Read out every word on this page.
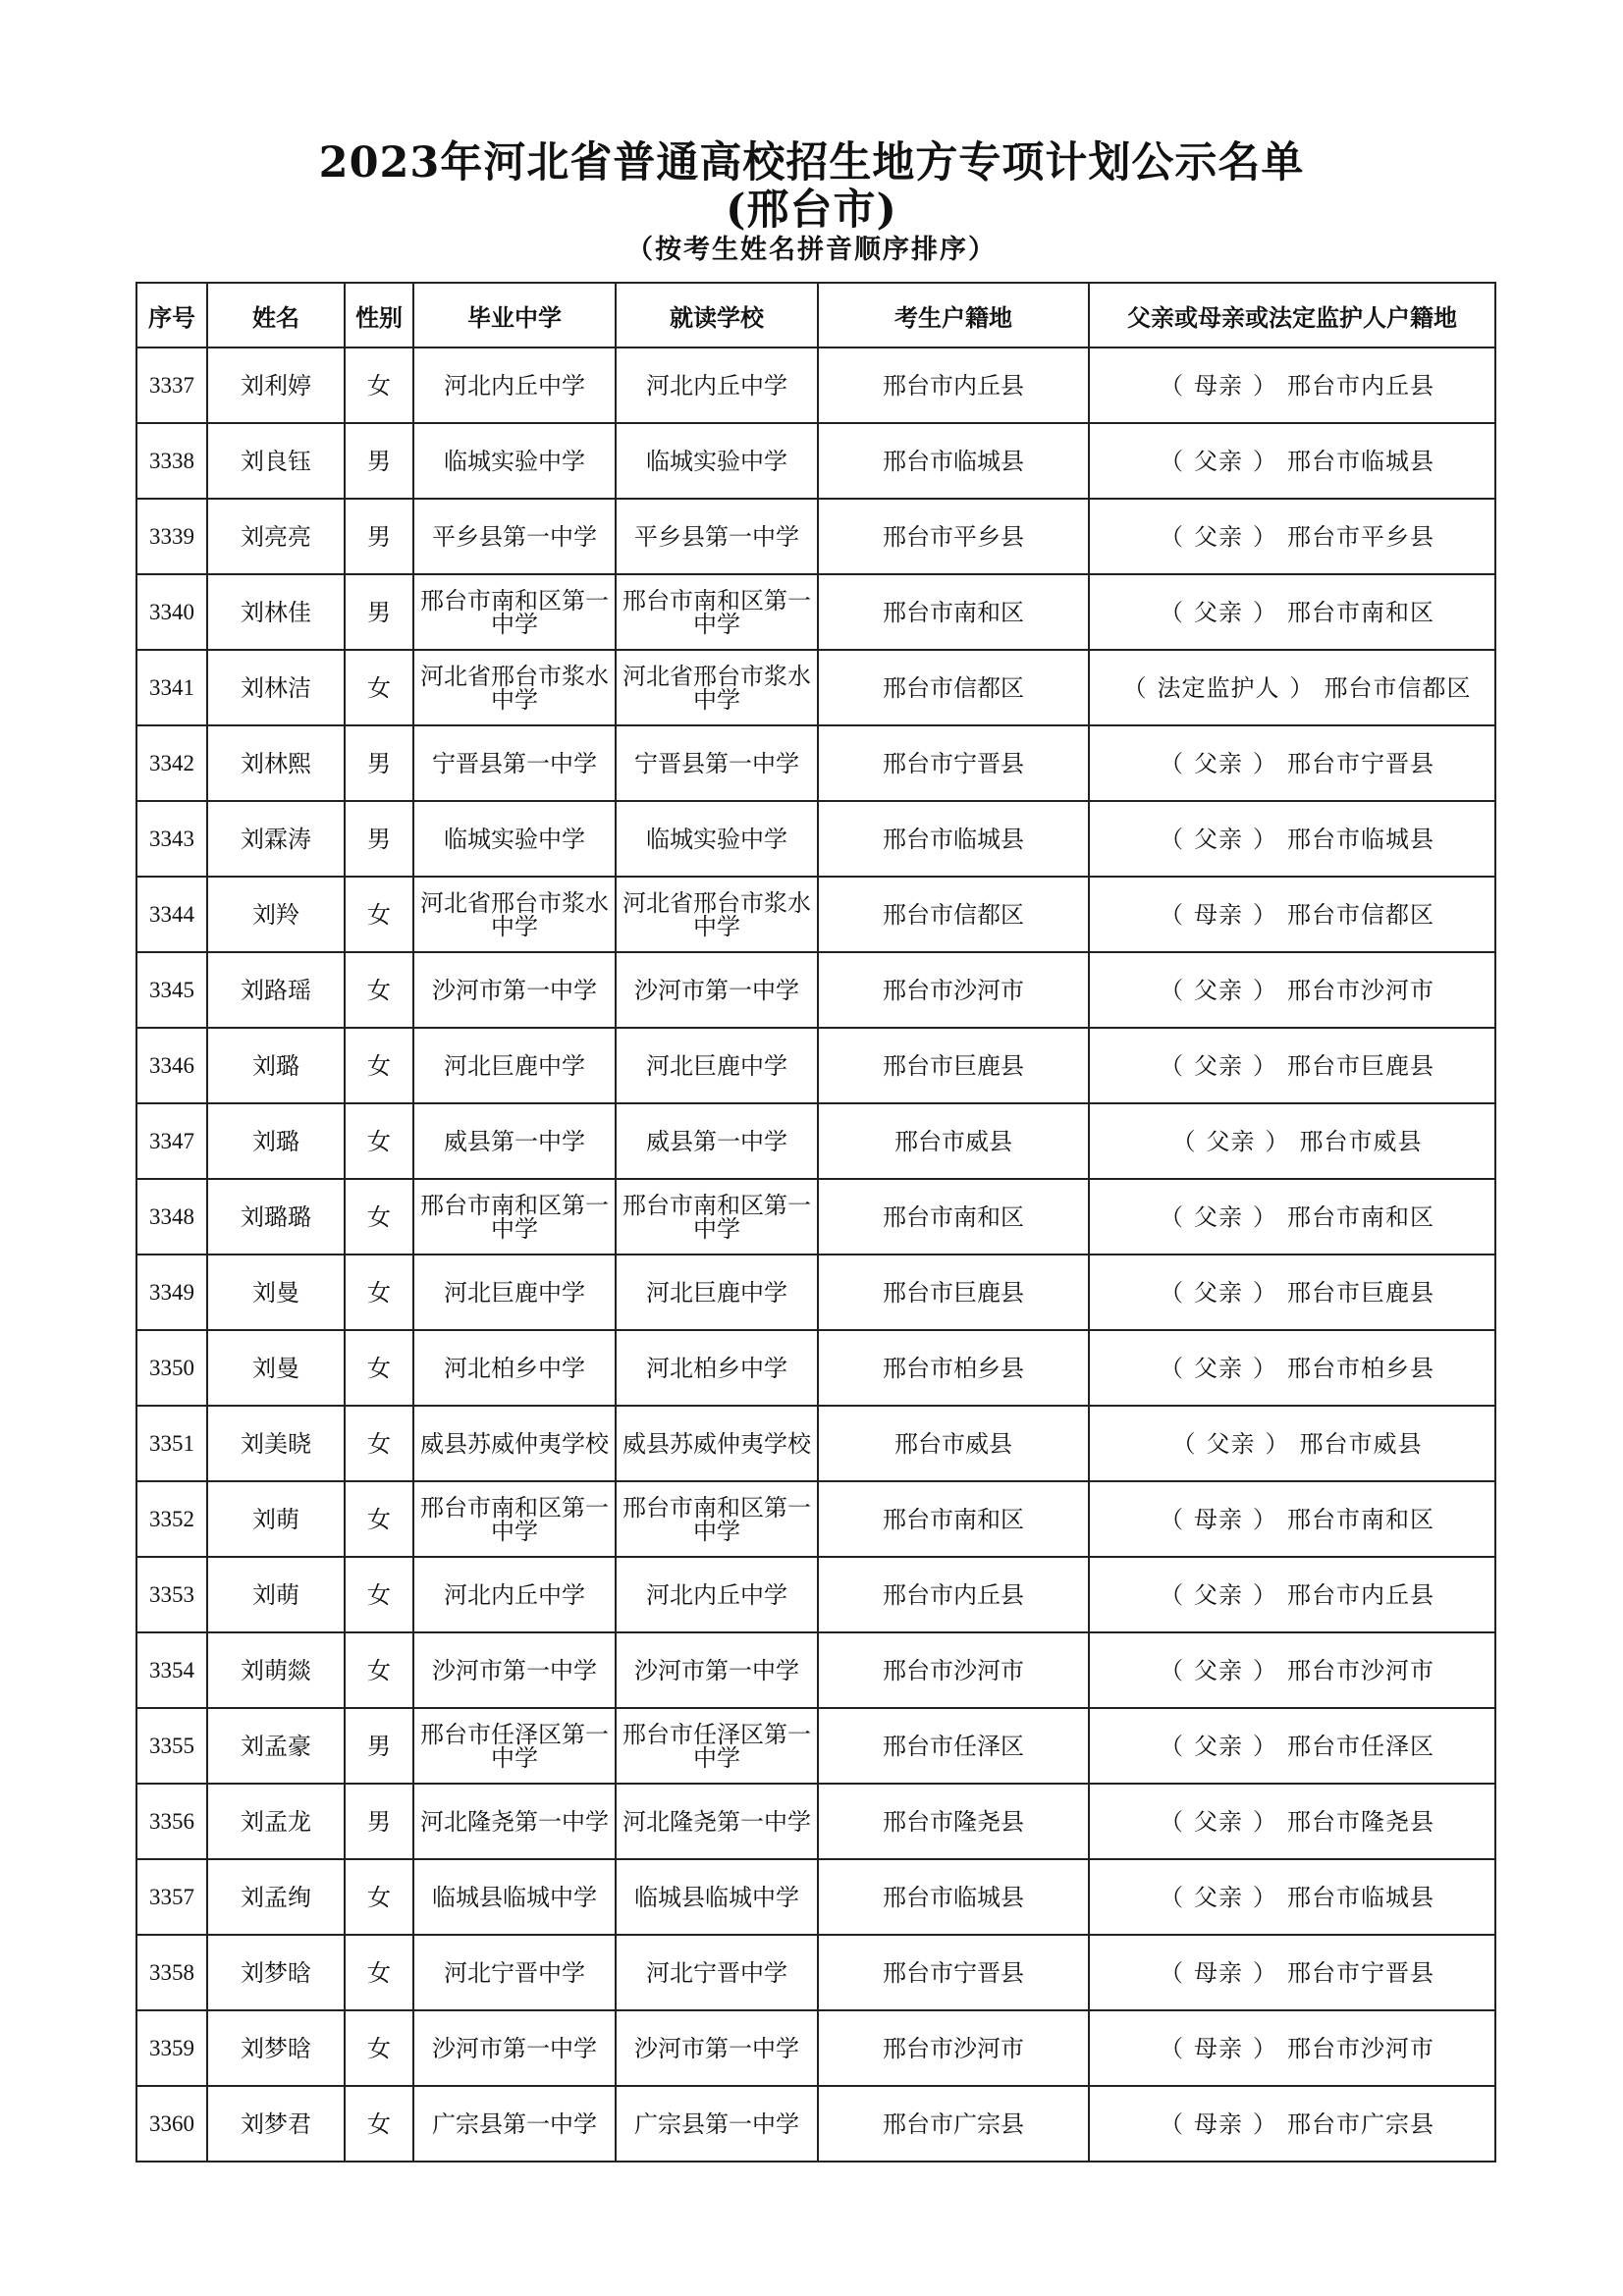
2023年河北省普通高校招生地方专项计划公示名单
(邢台市)
（按考生姓名拼音顺序排序）
序号	姓名	性别	毕业中学	就读学校	考生户籍地	父亲或母亲或法定监护人户籍地
3337	刘利婷	女	河北内丘中学	河北内丘中学	邢台市内丘县	（ 母亲 ） 邢台市内丘县
3338	刘良钰	男	临城实验中学	临城实验中学	邢台市临城县	（ 父亲 ） 邢台市临城县
3339	刘亮亮	男	平乡县第一中学	平乡县第一中学	邢台市平乡县	（ 父亲 ） 邢台市平乡县
3340	刘林佳	男	邢台市南和区第一中学	邢台市南和区第一中学	邢台市南和区	（ 父亲 ） 邢台市南和区
3341	刘林洁	女	河北省邢台市浆水中学	河北省邢台市浆水中学	邢台市信都区	（ 法定监护人 ） 邢台市信都区
3342	刘林熙	男	宁晋县第一中学	宁晋县第一中学	邢台市宁晋县	（ 父亲 ） 邢台市宁晋县
3343	刘霖涛	男	临城实验中学	临城实验中学	邢台市临城县	（ 父亲 ） 邢台市临城县
3344	刘羚	女	河北省邢台市浆水中学	河北省邢台市浆水中学	邢台市信都区	（ 母亲 ） 邢台市信都区
3345	刘路瑶	女	沙河市第一中学	沙河市第一中学	邢台市沙河市	（ 父亲 ） 邢台市沙河市
3346	刘璐	女	河北巨鹿中学	河北巨鹿中学	邢台市巨鹿县	（ 父亲 ） 邢台市巨鹿县
3347	刘璐	女	威县第一中学	威县第一中学	邢台市威县	（ 父亲 ） 邢台市威县
3348	刘璐璐	女	邢台市南和区第一中学	邢台市南和区第一中学	邢台市南和区	（ 父亲 ） 邢台市南和区
3349	刘曼	女	河北巨鹿中学	河北巨鹿中学	邢台市巨鹿县	（ 父亲 ） 邢台市巨鹿县
3350	刘曼	女	河北柏乡中学	河北柏乡中学	邢台市柏乡县	（ 父亲 ） 邢台市柏乡县
3351	刘美晓	女	威县苏威仲夷学校	威县苏威仲夷学校	邢台市威县	（ 父亲 ） 邢台市威县
3352	刘萌	女	邢台市南和区第一中学	邢台市南和区第一中学	邢台市南和区	（ 母亲 ） 邢台市南和区
3353	刘萌	女	河北内丘中学	河北内丘中学	邢台市内丘县	（ 父亲 ） 邢台市内丘县
3354	刘萌燚	女	沙河市第一中学	沙河市第一中学	邢台市沙河市	（ 父亲 ） 邢台市沙河市
3355	刘孟豪	男	邢台市任泽区第一中学	邢台市任泽区第一中学	邢台市任泽区	（ 父亲 ） 邢台市任泽区
3356	刘孟龙	男	河北隆尧第一中学	河北隆尧第一中学	邢台市隆尧县	（ 父亲 ） 邢台市隆尧县
3357	刘孟绚	女	临城县临城中学	临城县临城中学	邢台市临城县	（ 父亲 ） 邢台市临城县
3358	刘梦晗	女	河北宁晋中学	河北宁晋中学	邢台市宁晋县	（ 母亲 ） 邢台市宁晋县
3359	刘梦晗	女	沙河市第一中学	沙河市第一中学	邢台市沙河市	（ 母亲 ） 邢台市沙河市
3360	刘梦君	女	广宗县第一中学	广宗县第一中学	邢台市广宗县	（ 母亲 ） 邢台市广宗县
